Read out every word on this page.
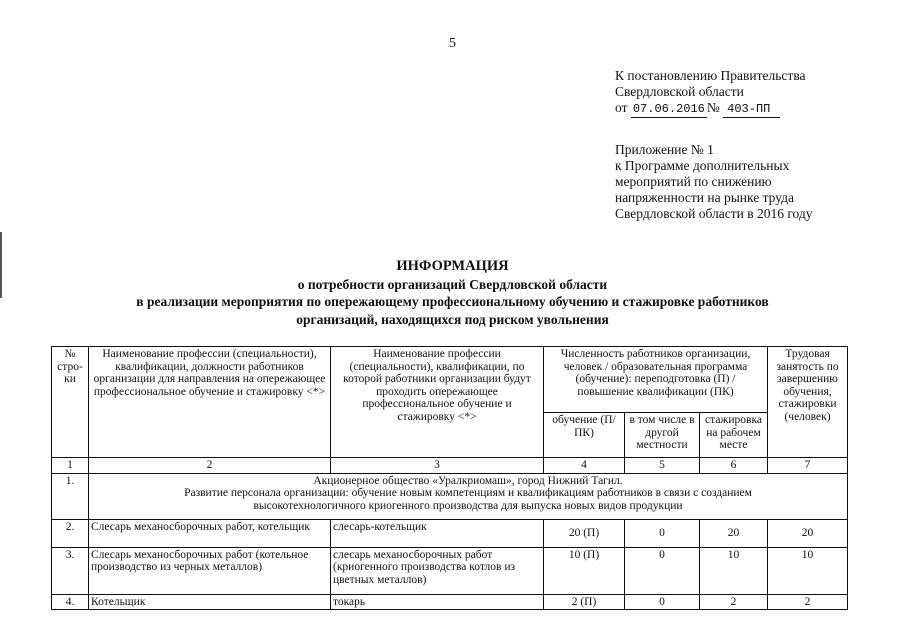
5
К постановлению Правительства
Свердловской области
от 07.06.2016 № 403-ПП
Приложение № 1
к Программе дополнительных
мероприятий по снижению
напряженности на рынке труда
Свердловской области в 2016 году
ИНФОРМАЦИЯ
о потребности организаций Свердловской области
в реализации мероприятия по опережающему профессиональному обучению и стажировке работников
организаций, находящихся под риском увольнения
№ стро-ки	Наименование профессии (специальности), квалификации, должности работников организации для направления на опережающее профессиональное обучение и стажировку <*>	Наименование профессии (специальности), квалификации, по которой работники организации будут проходить опережающее профессиональное обучение и стажировку <*>	Численность работников организации, человек / образовательная программа (обучение): переподготовка (П) / повышение квалификации (ПК)			Трудовая занятость по завершению обучения, стажировки (человек)
			обучение (П/ПК)	в том числе в другой местности	стажировка на рабочем месте	
1	2	3	4	5	6	7
1.	Акционерное общество «Уралкриомаш», город Нижний Тагил.
Развитие персонала организации: обучение новым компетенциям и квалификациям работников в связи с созданием
высокотехнологичного криогенного производства для выпуска новых видов продукции					

2.	Слесарь механосборочных работ, котельщик	слесарь-котельщик	20 (П)	0	20	20
3.	Слесарь механосборочных работ (котельное производство из черных металлов)	слесарь механосборочных работ (криогенного производства котлов из цветных металлов)	10 (П)	0	10	10
4.	Котельщик	токарь	2 (П)	0	2	2
